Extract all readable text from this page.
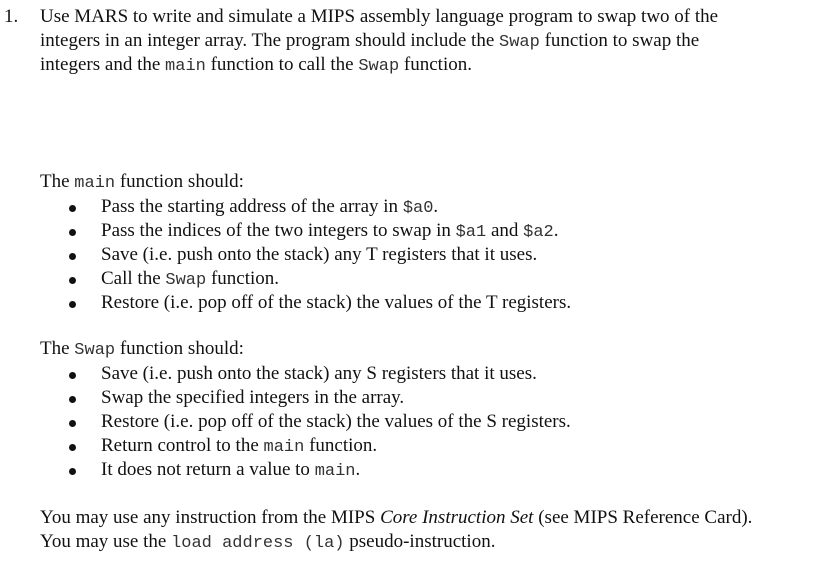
1. Use MARS to write and simulate a MIPS assembly language program to swap two of the
integers in an integer array. The program should include the Swap function to swap the
integers and the main function to call the Swap function.
The main function should:
Pass the starting address of the array in $a0.
Pass the indices of the two integers to swap in $a1 and $a2.
Save (i.e. push onto the stack) any T registers that it uses.
Call the Swap function.
Restore (i.e. pop off of the stack) the values of the T registers.
The Swap function should:
Save (i.e. push onto the stack) any S registers that it uses.
Swap the specified integers in the array.
Restore (i.e. pop off of the stack) the values of the S registers.
Return control to the main function.
It does not return a value to main.
You may use any instruction from the MIPS Core Instruction Set (see MIPS Reference Card).
You may use the load address (la) pseudo-instruction.
